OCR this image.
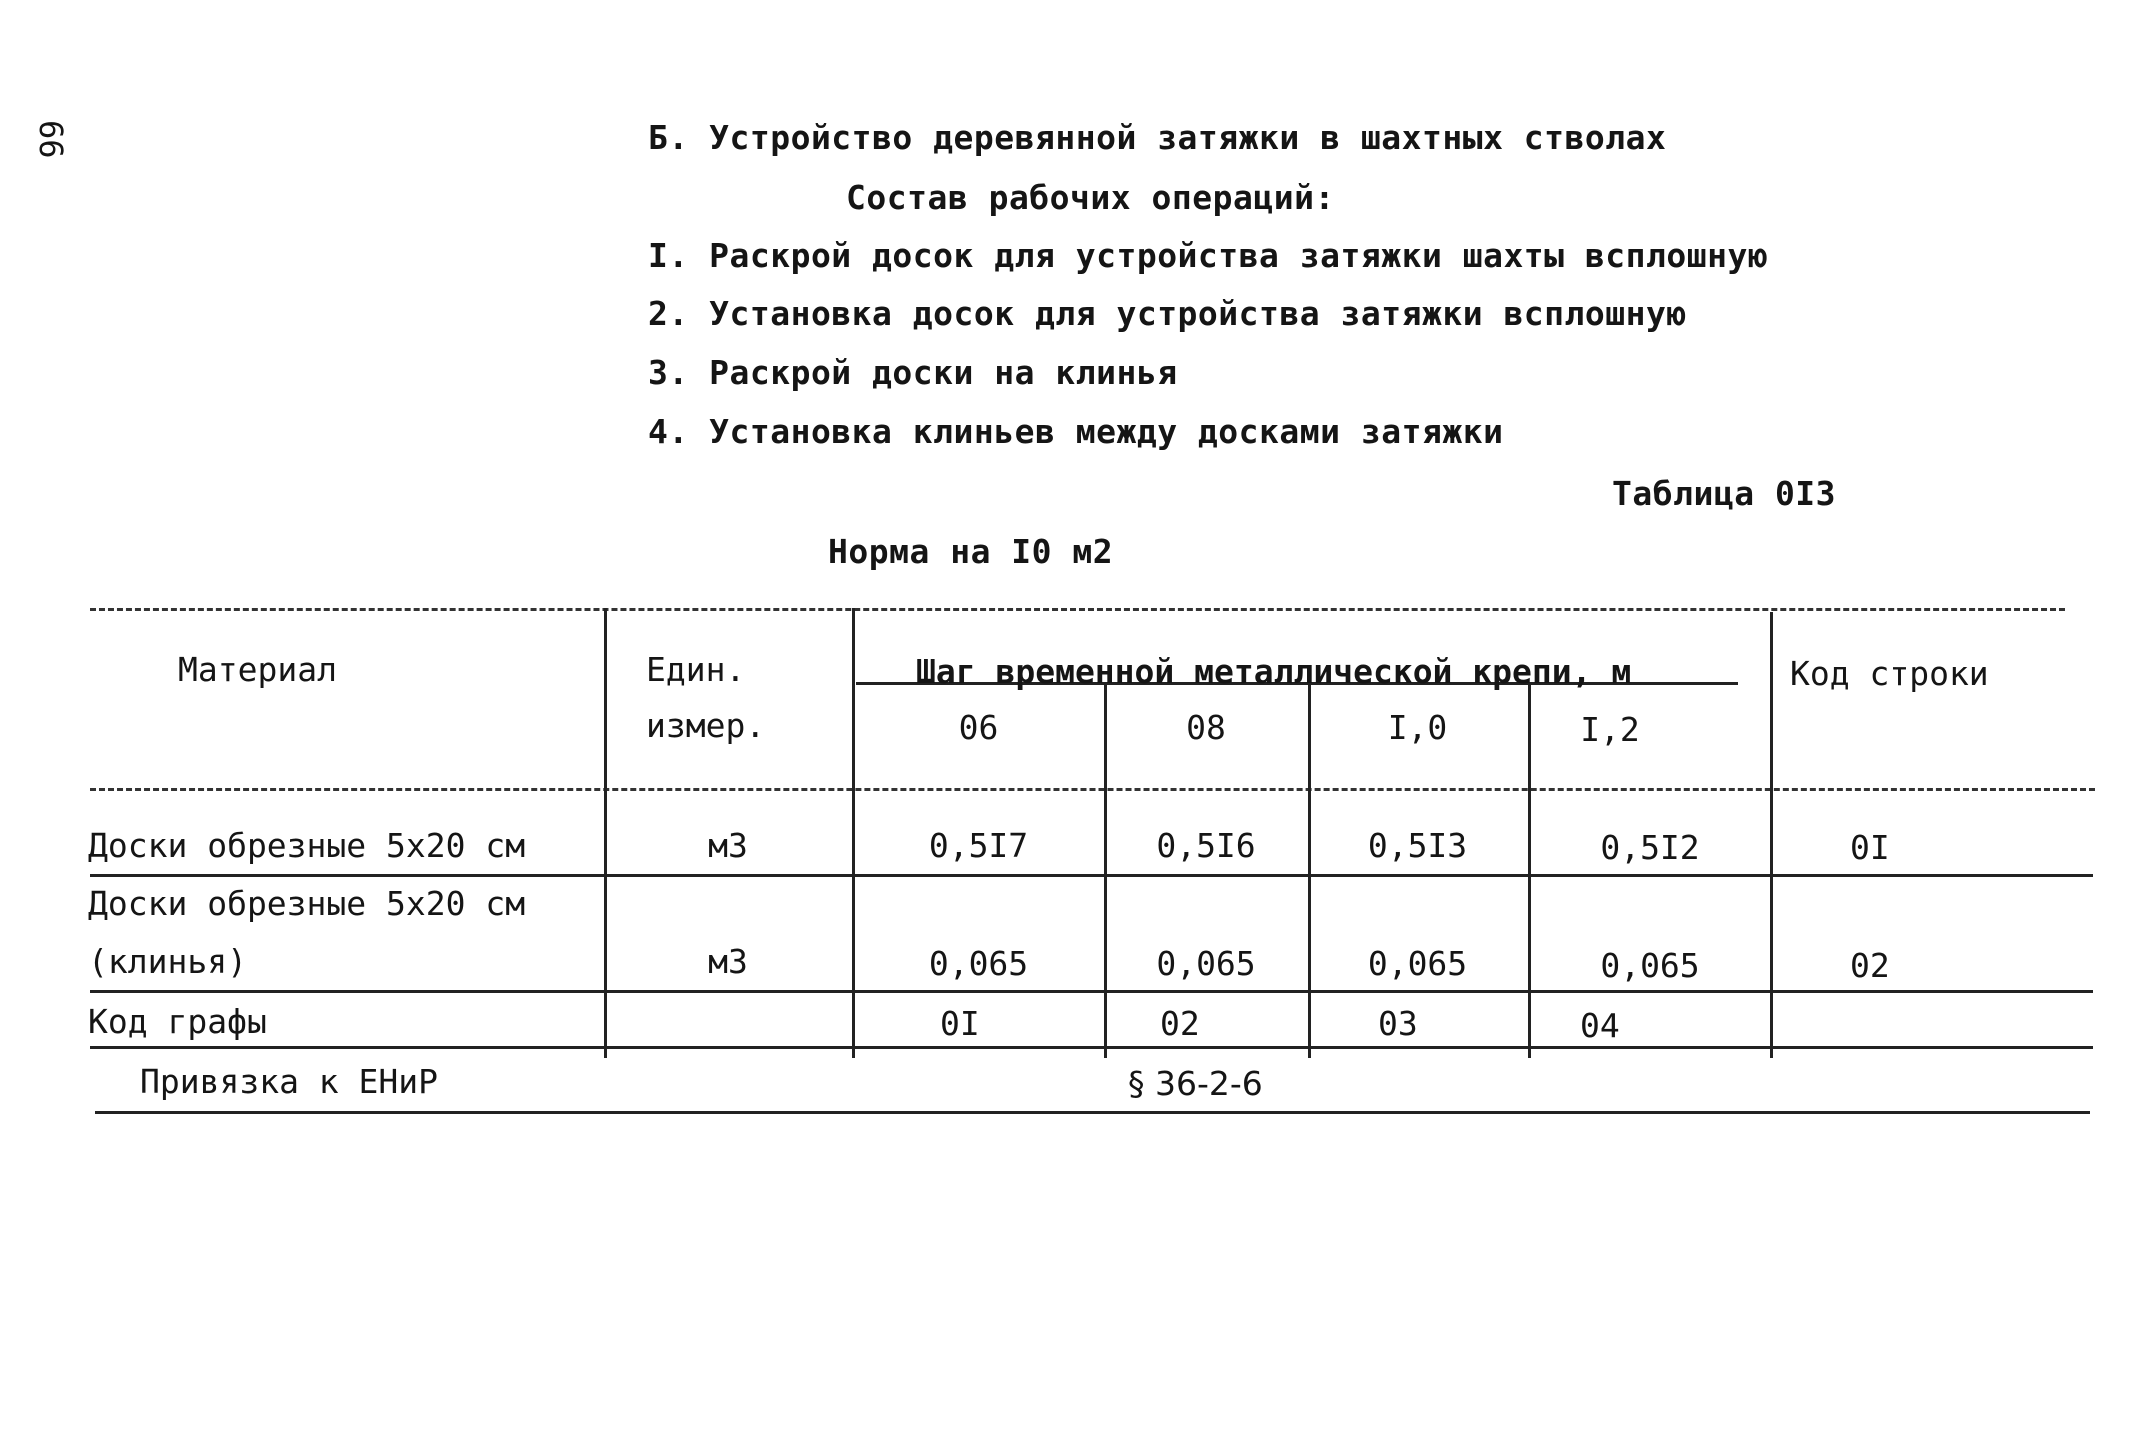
66	Б. Устройство деревянной затяжки в шахтных стволах
Состав рабочих операций:
I. Раскрой досок для устройства затяжки шахты всплошную
2. Установка досок для устройства затяжки всплошную
3. Раскрой доски на клинья
4. Установка клиньев между досками затяжки
Таблица 0I3
Норма на I0 м2
Материал	Един.
измер.
Шаг временной металлической крепи, м	Код строки
06	08	I,0	I,2
Доски обрезные 5х20 см	м3	0,5I7	0,5I6	0,5I3	0,5I2	0I
Доски обрезные 5х20 см
(клинья)	м3	0,065	0,065	0,065	0,065	02
Код графы	0I	02	03	04
Привязка к ЕНиР	§ 36-2-6
